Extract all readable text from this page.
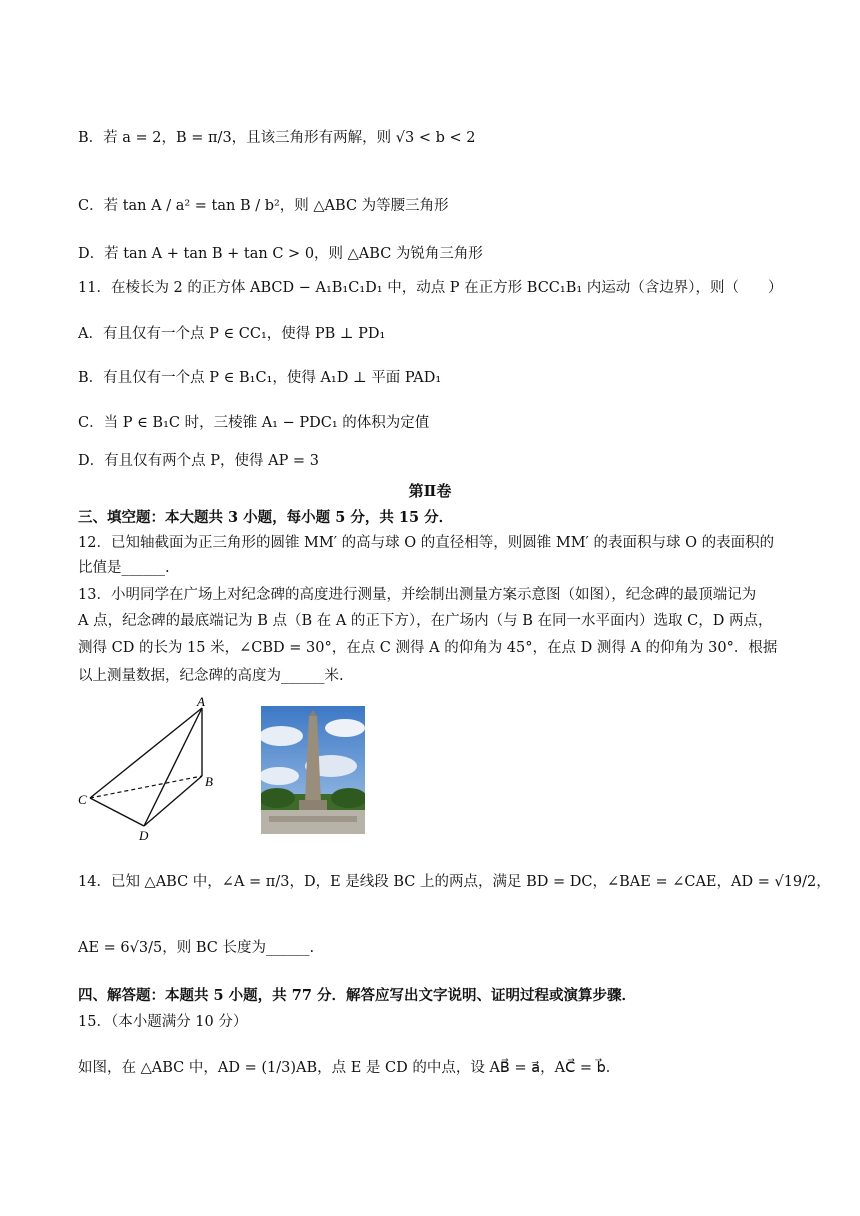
B．若 a = 2，B = π/3，且该三角形有两解，则 √3 < b < 2
C．若 tan A / a² = tan B / b²，则 △ABC 为等腰三角形
D．若 tan A + tan B + tan C > 0，则 △ABC 为锐角三角形
11．在棱长为 2 的正方体 ABCD − A₁B₁C₁D₁ 中，动点 P 在正方形 BCC₁B₁ 内运动（含边界），则（　　）
A．有且仅有一个点 P ∈ CC₁，使得 PB ⊥ PD₁
B．有且仅有一个点 P ∈ B₁C₁，使得 A₁D ⊥ 平面 PAD₁
C．当 P ∈ B₁C 时，三棱锥 A₁ − PDC₁ 的体积为定值
D．有且仅有两个点 P，使得 AP = 3
三、填空题：本大题共 3 小题，每小题 5 分，共 15 分．
12．已知轴截面为正三角形的圆锥 MM′ 的高与球 O 的直径相等，则圆锥 MM′ 的表面积与球 O 的表面积的
比值是______.
13．小明同学在广场上对纪念碑的高度进行测量，并绘制出测量方案示意图（如图），纪念碑的最顶端记为
A 点，纪念碑的最底端记为 B 点（B 在 A 的正下方），在广场内（与 B 在同一水平面内）选取 C，D 两点，
测得 CD 的长为 15 米，∠CBD = 30°，在点 C 测得 A 的仰角为 45°，在点 D 测得 A 的仰角为 30°．根据
以上测量数据，纪念碑的高度为______米.
14．已知 △ABC 中，∠A = π/3，D，E 是线段 BC 上的两点，满足 BD = DC，∠BAE = ∠CAE，AD = √19/2，
AE = 6√3/5，则 BC 长度为______.
四、解答题：本题共 5 小题，共 77 分．解答应写出文字说明、证明过程或演算步骤．
15．（本小题满分 10 分）
如图，在 △ABC 中，AD = (1/3)AB，点 E 是 CD 的中点，设 AB⃗ = a⃗，AC⃗ = b⃗．
第Ⅱ卷
A
B
C
D
